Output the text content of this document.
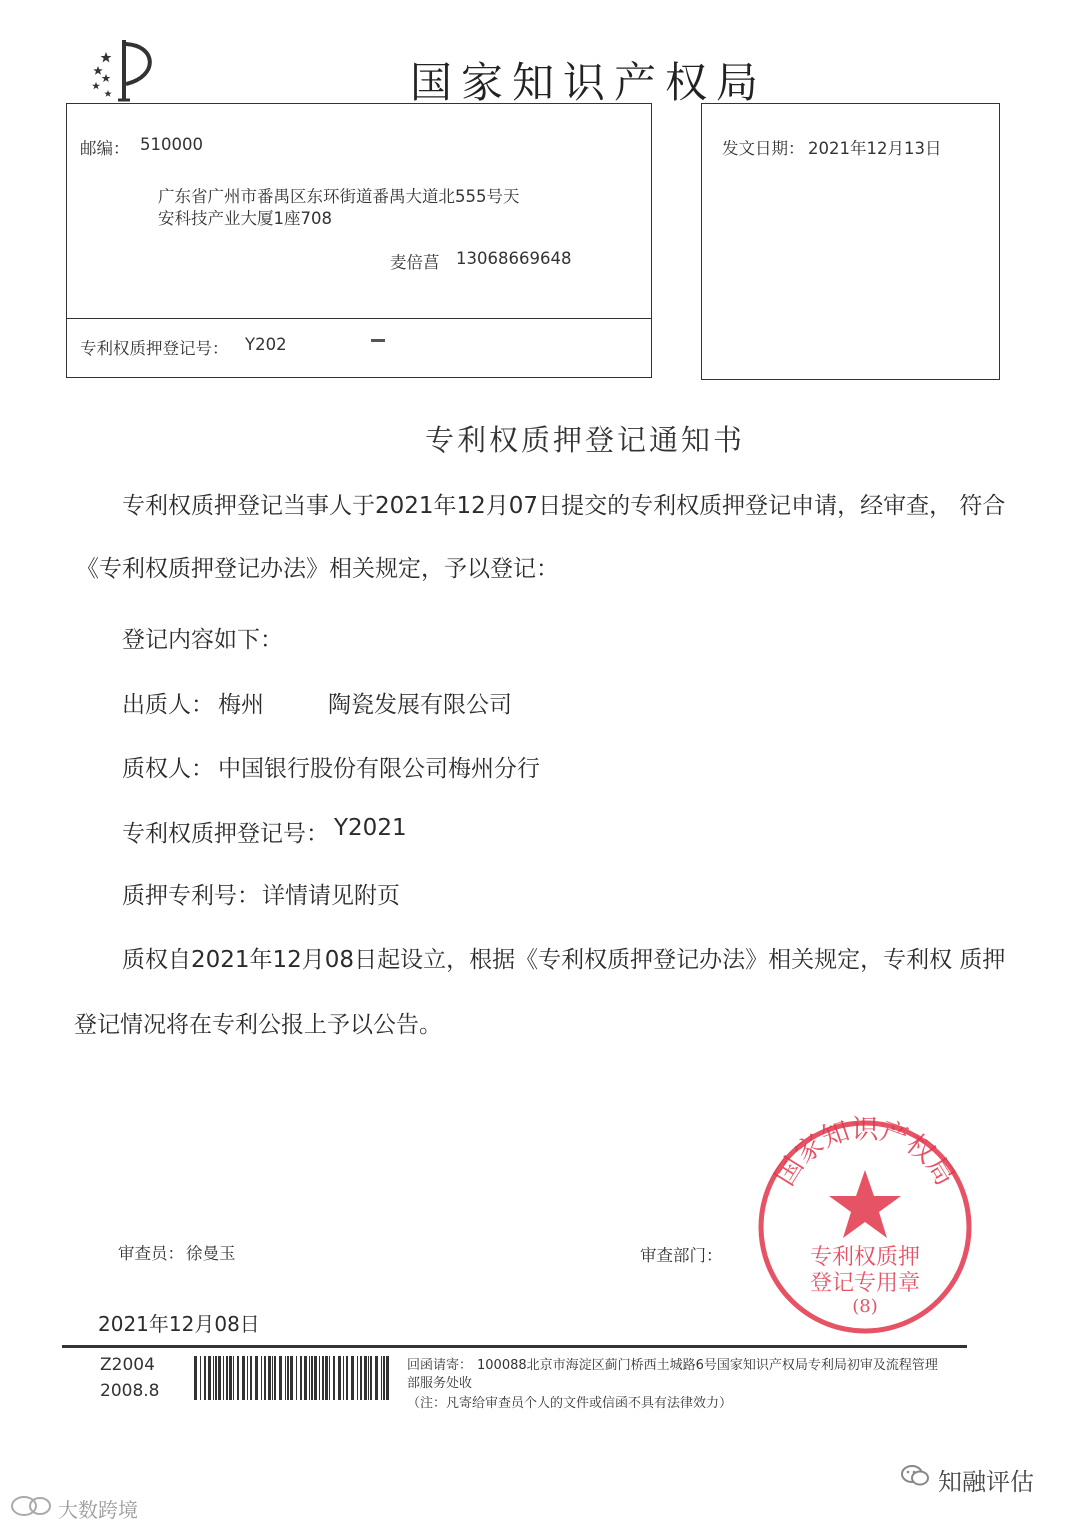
国家知识产权局
邮编： 510000
广东省广州市番禺区东环街道番禺大道北555号天
安科技产业大厦1座708
麦倍菖 13068669648
专利权质押登记号： Y202
发文日期： 2021年12月13日
专利权质押登记通知书
专利权质押登记当事人于2021年12月07日提交的专利权质押登记申请，经审查， 符合
《专利权质押登记办法》相关规定，予以登记：
登记内容如下：
出质人： 梅州	陶瓷发展有限公司
质权人： 中国银行股份有限公司梅州分行
专利权质押登记号： Y2021
质押专利号： 详情请见附页
质权自2021年12月08日起设立，根据《专利权质押登记办法》相关规定，专利权 质押
登记情况将在专利公报上予以公告。
审查员： 徐曼玉	审查部门：
2021年12月08日
国家知识产权局
专利权质押
登记专用章
(8)
Z2004
2008.8
回函请寄： 100088北京市海淀区蓟门桥西土城路6号国家知识产权局专利局初审及流程管理
部服务处收
（注：凡寄给审查员个人的文件或信函不具有法律效力）
大数跨境
知融评估
